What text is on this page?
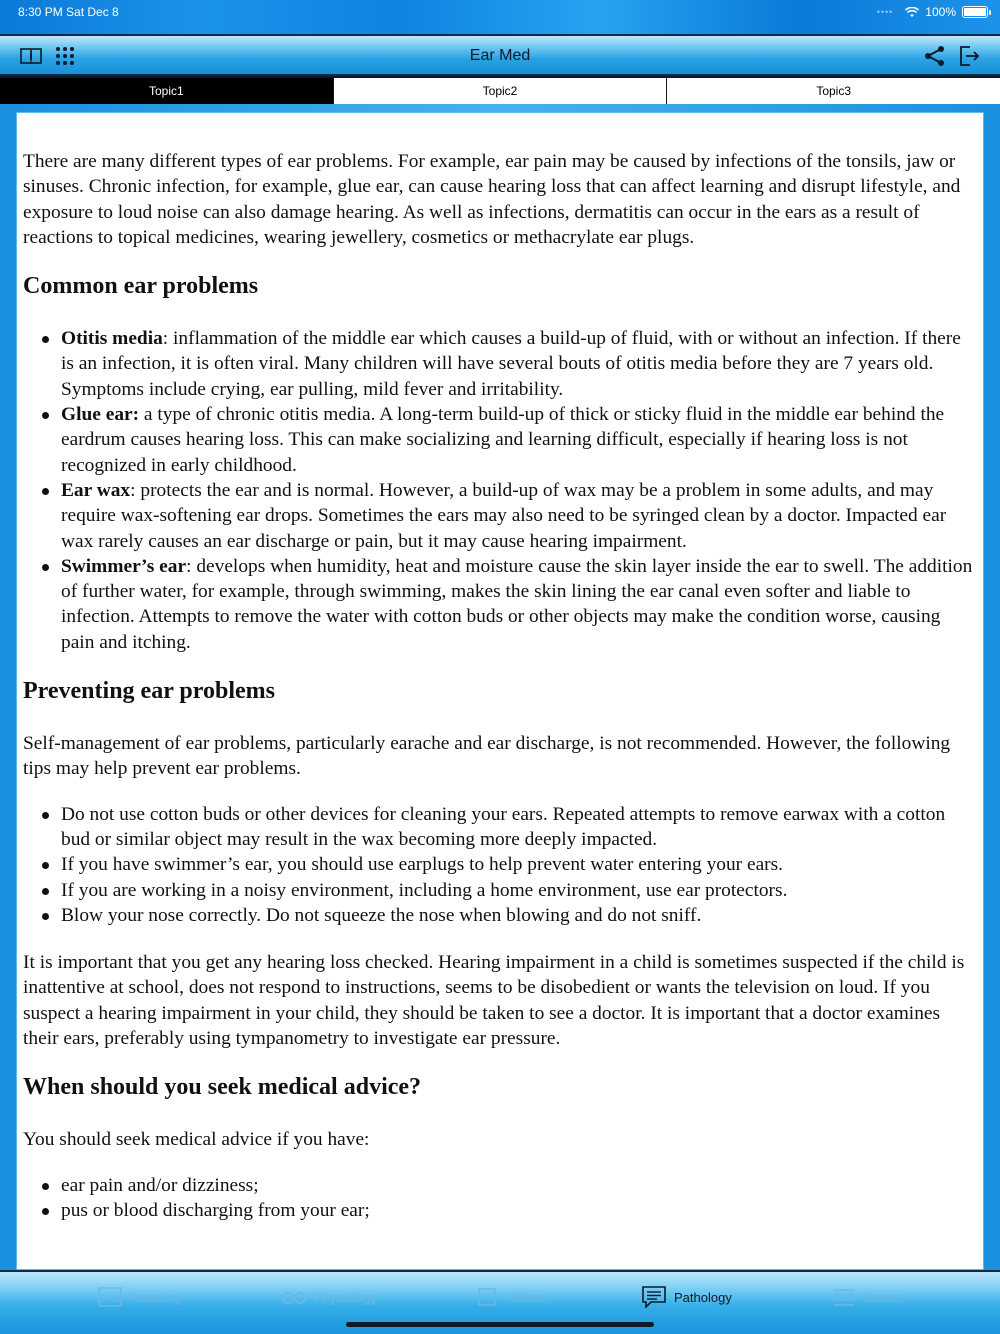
8:30 PM Sat Dec 8	••••	100%
Ear Med
Topic1	Topic2	Topic3

There are many different types of ear problems. For example, ear pain may be caused by infections of the tonsils, jaw or sinuses. Chronic infection, for example, glue ear, can cause hearing loss that can affect learning and disrupt lifestyle, and exposure to loud noise can also damage hearing. As well as infections, dermatitis can occur in the ears as a result of reactions to topical medicines, wearing jewellery, cosmetics or methacrylate ear plugs.

Common ear problems
Otitis media: inflammation of the middle ear which causes a build-up of fluid, with or without an infection. If there is an infection, it is often viral. Many children will have several bouts of otitis media before they are 7 years old. Symptoms include crying, ear pulling, mild fever and irritability.
Glue ear: a type of chronic otitis media. A long-term build-up of thick or sticky fluid in the middle ear behind the eardrum causes hearing loss. This can make socializing and learning difficult, especially if hearing loss is not recognized in early childhood.
Ear wax: protects the ear and is normal. However, a build-up of wax may be a problem in some adults, and may require wax-softening ear drops. Sometimes the ears may also need to be syringed clean by a doctor. Impacted ear wax rarely causes an ear discharge or pain, but it may cause hearing impairment.
Swimmer’s ear: develops when humidity, heat and moisture cause the skin layer inside the ear to swell. The addition of further water, for example, through swimming, makes the skin lining the ear canal even softer and liable to infection. Attempts to remove the water with cotton buds or other objects may make the condition worse, causing pain and itching.
Preventing ear problems

Self-management of ear problems, particularly earache and ear discharge, is not recommended. However, the following tips may help prevent ear problems.

Do not use cotton buds or other devices for cleaning your ears. Repeated attempts to remove earwax with a cotton bud or similar object may result in the wax becoming more deeply impacted.
If you have swimmer’s ear, you should use earplugs to help prevent water entering your ears.
If you are working in a noisy environment, including a home environment, use ear protectors.
Blow your nose correctly. Do not squeeze the nose when blowing and do not sniff.

It is important that you get any hearing loss checked. Hearing impairment in a child is sometimes suspected if the child is inattentive at school, does not respond to instructions, seems to be disobedient or wants the television on loud. If you suspect a hearing impairment in your child, they should be taken to see a doctor. It is important that a doctor examines their ears, preferably using tympanometry to investigate ear pressure.

When should you seek medical advice?

You should seek medical advice if you have:

ear pain and/or dizziness;
pus or blood discharging from your ear;
Anatomy	Physiology	Videos	Pathology	Cases
